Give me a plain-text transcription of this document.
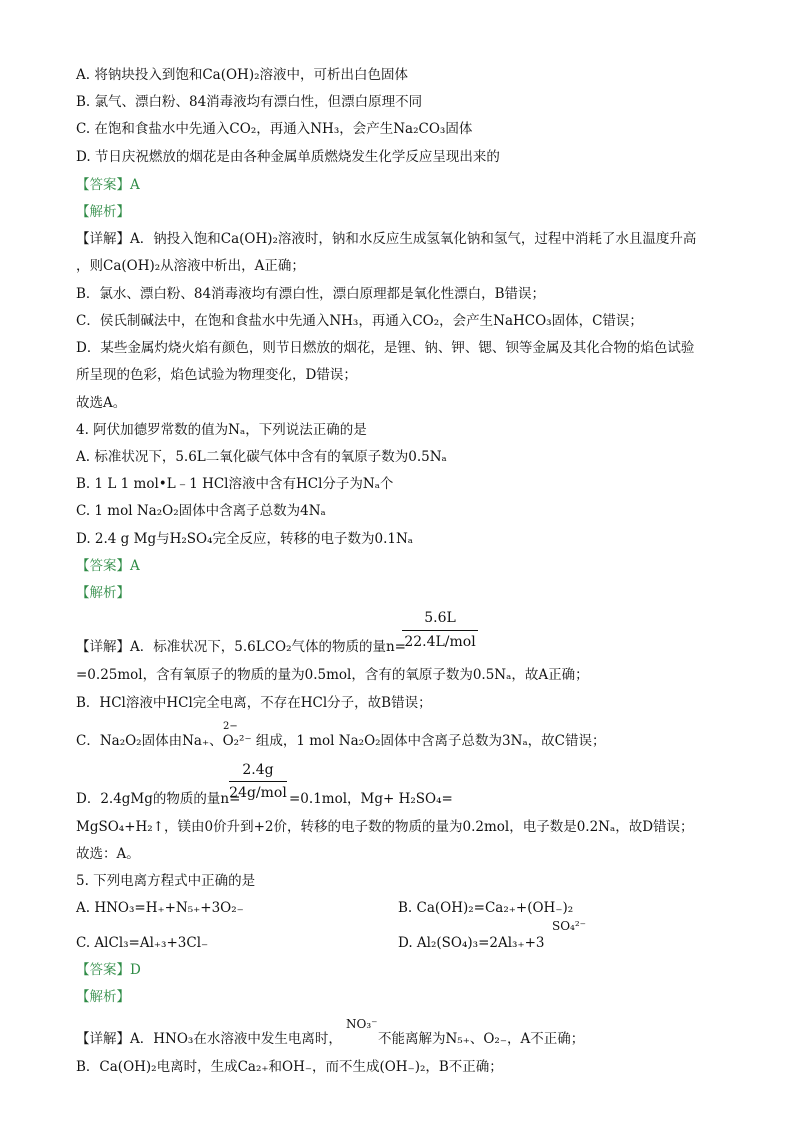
A. 将钠块投入到饱和Ca(OH)₂溶液中，可析出白色固体
B. 氯气、漂白粉、84消毒液均有漂白性，但漂白原理不同
C. 在饱和食盐水中先通入CO₂，再通入NH₃，会产生Na₂CO₃固体
D. 节日庆祝燃放的烟花是由各种金属单质燃烧发生化学反应呈现出来的
【答案】A
【解析】
【详解】A．钠投入饱和Ca(OH)₂溶液时，钠和水反应生成氢氧化钠和氢气，过程中消耗了水且温度升高
，则Ca(OH)₂从溶液中析出，A正确；
B．氯水、漂白粉、84消毒液均有漂白性，漂白原理都是氧化性漂白，B错误；
C．侯氏制碱法中，在饱和食盐水中先通入NH₃，再通入CO₂，会产生NaHCO₃固体，C错误；
D．某些金属灼烧火焰有颜色，则节日燃放的烟花，是锂、钠、钾、锶、钡等金属及其化合物的焰色试验
所呈现的色彩，焰色试验为物理变化，D错误；
故选A。
4. 阿伏加德罗常数的值为Nₐ，下列说法正确的是
A. 标准状况下，5.6L二氧化碳气体中含有的氧原子数为0.5Nₐ
B. 1 L 1 mol•L﹣1 HCl溶液中含有HCl分子为Nₐ个
C. 1 mol Na₂O₂固体中含离子总数为4Nₐ
D. 2.4 g Mg与H₂SO₄完全反应，转移的电子数为0.1Nₐ
【答案】A
【解析】
【详解】A．标准状况下，5.6LCO₂气体的物质的量n=
5.6L
22.4L/mol
=0.25mol，含有氧原子的物质的量为0.5mol，含有的氧原子数为0.5Nₐ，故A正确；
B．HCl溶液中HCl完全电离，不存在HCl分子，故B错误；
2−
C．Na₂O₂固体由Na₊、O₂²⁻ 组成，1 mol Na₂O₂固体中含离子总数为3Nₐ，故C错误；
D．2.4gMg的物质的量n=
2.4g
24g/mol =0.1mol，Mg+ H₂SO₄=
MgSO₄+H₂↑，镁由0价升到+2价，转移的电子数的物质的量为0.2mol，电子数是0.2Nₐ，故D错误；
故选：A。
5. 下列电离方程式中正确的是
A. HNO₃=H₊+N₅₊+3O₂₋	B. Ca(OH)₂=Ca₂₊+(OH₋)₂
C. AlCl₃=Al₊₃+3Cl₋	D. Al₂(SO₄)₃=2Al₃₊+3
SO₄²⁻
【答案】D
【解析】
【详解】A．HNO₃在水溶液中发生电离时，
NO₃⁻
不能离解为N₅₊、O₂₋，A不正确；
B．Ca(OH)₂电离时，生成Ca₂₊和OH₋，而不生成(OH₋)₂，B不正确；
